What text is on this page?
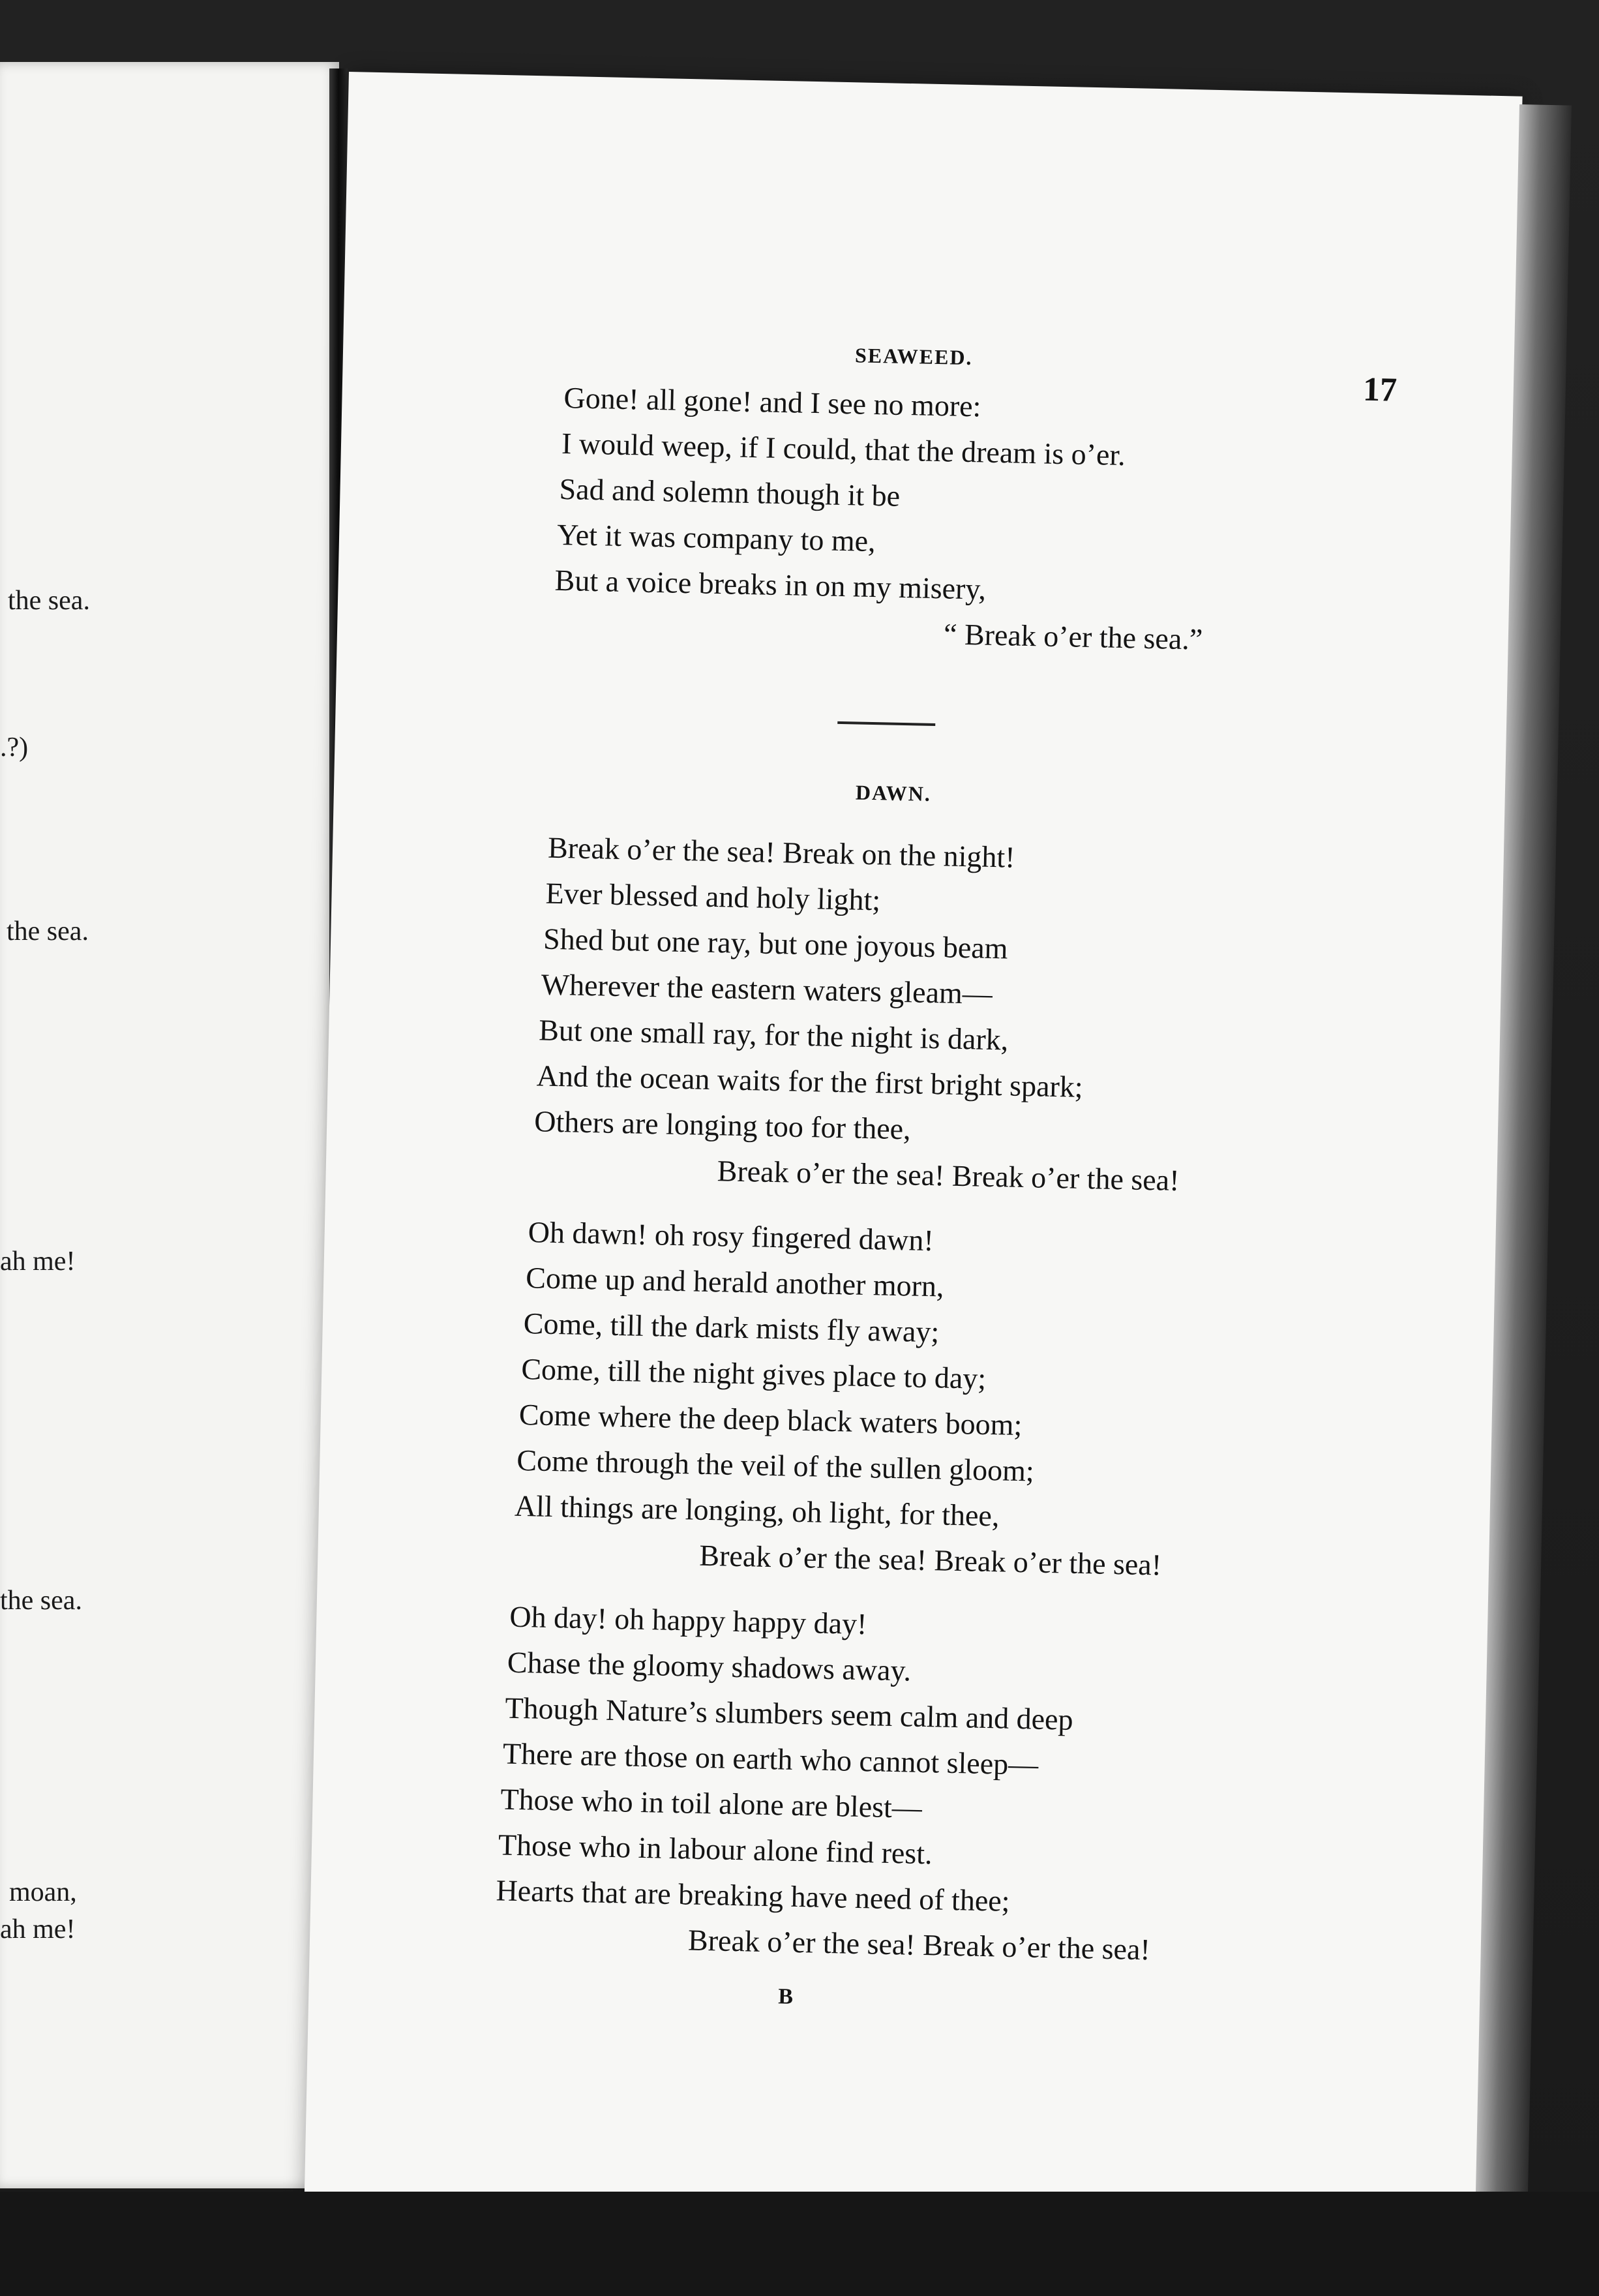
the sea.
.?)
the sea.
ah me!
the sea.
moan,
ah me!
SEAWEED.
17
Gone! all gone! and I see no more:
I would weep, if I could, that the dream is o’er.
Sad and solemn though it be
Yet it was company to me,
But a voice breaks in on my misery,
“ Break o’er the sea.”
DAWN.
Break o’er the sea! Break on the night!
Ever blessed and holy light;
Shed but one ray, but one joyous beam
Wherever the eastern waters gleam—
But one small ray, for the night is dark,
And the ocean waits for the first bright spark;
Others are longing too for thee,
Break o’er the sea! Break o’er the sea!
Oh dawn! oh rosy fingered dawn!
Come up and herald another morn,
Come, till the dark mists fly away;
Come, till the night gives place to day;
Come where the deep black waters boom;
Come through the veil of the sullen gloom;
All things are longing, oh light, for thee,
Break o’er the sea! Break o’er the sea!
Oh day! oh happy happy day!
Chase the gloomy shadows away.
Though Nature’s slumbers seem calm and deep
There are those on earth who cannot sleep—
Those who in toil alone are blest—
Those who in labour alone find rest.
Hearts that are breaking have need of thee;
Break o’er the sea! Break o’er the sea!
B
